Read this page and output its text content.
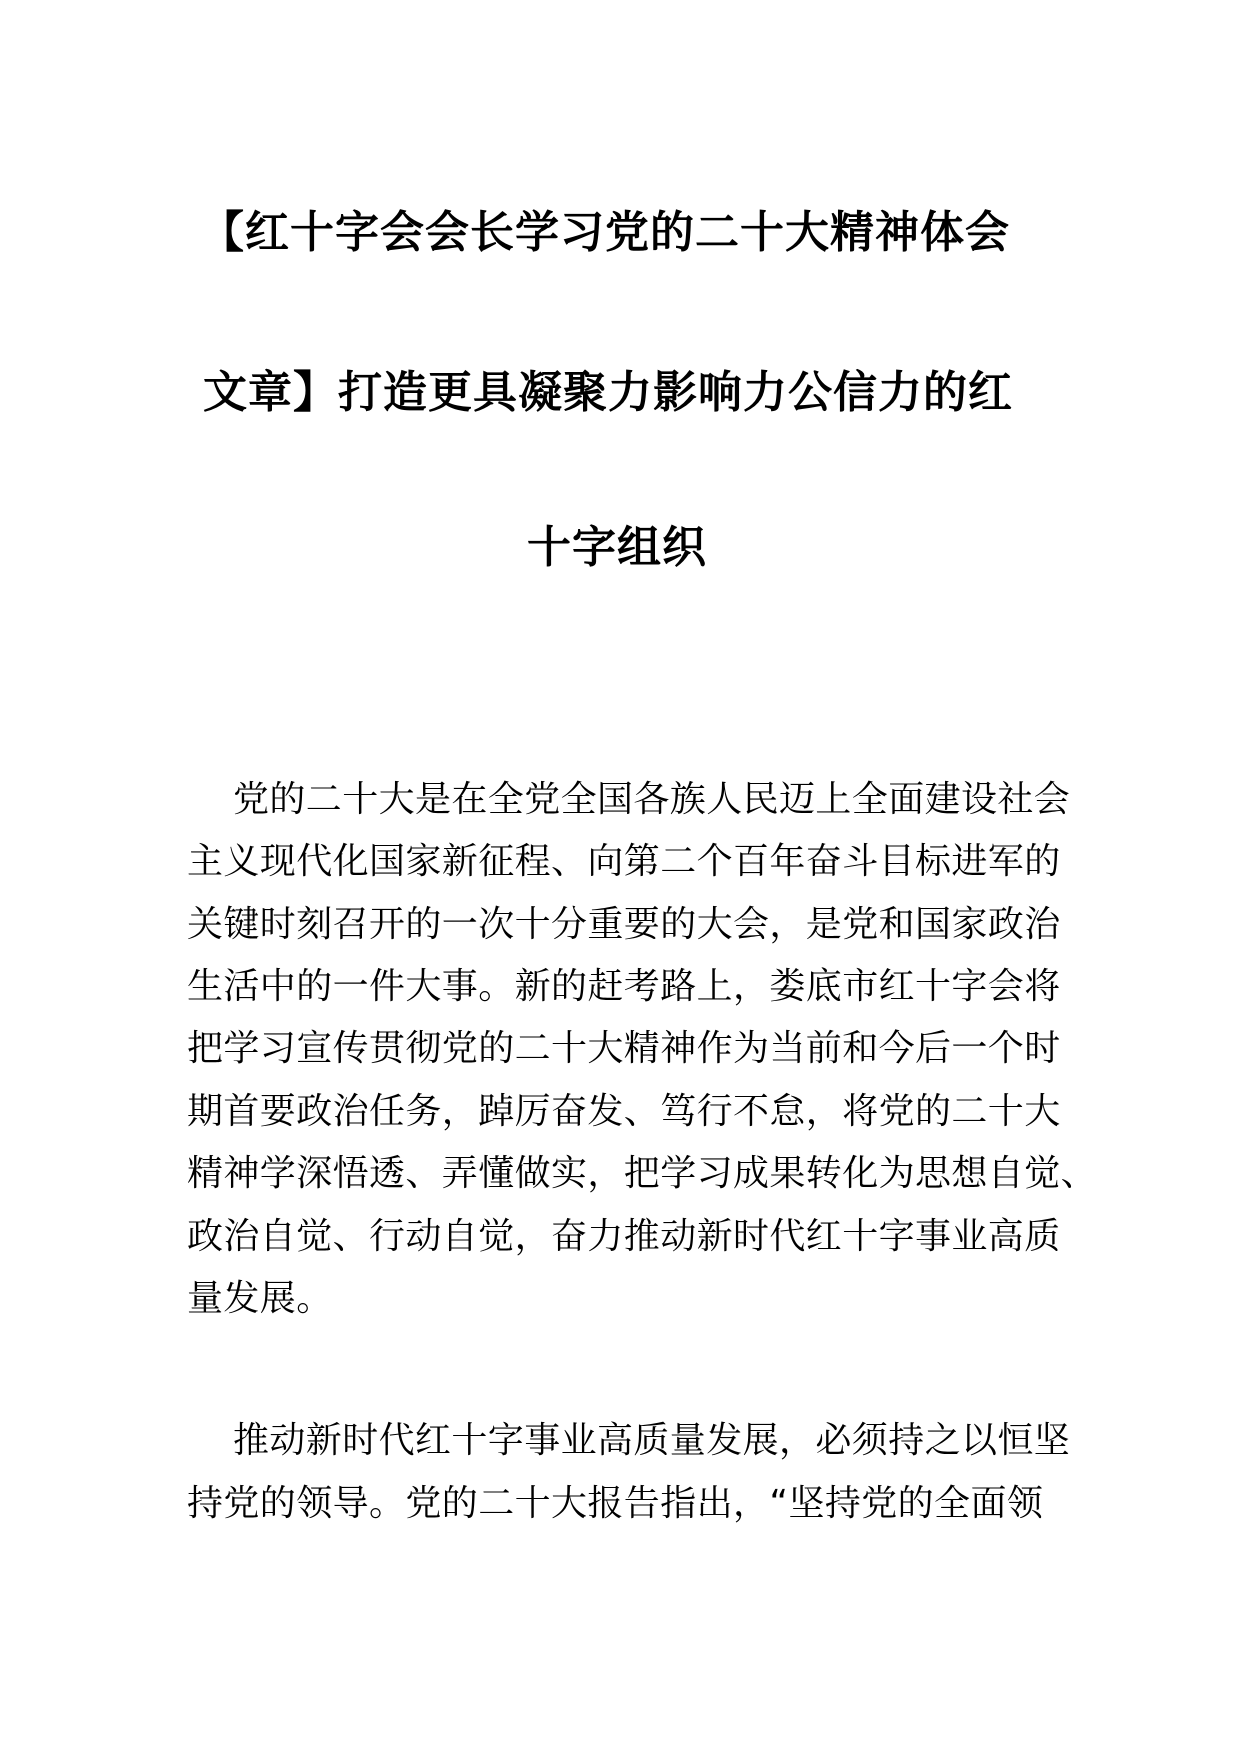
【红十字会会长学习党的二十大精神体会
文章】打造更具凝聚力影响力公信力的红
十字组织
党的二十大是在全党全国各族人民迈上全面建设社会
主义现代化国家新征程、向第二个百年奋斗目标进军的
关键时刻召开的一次十分重要的大会，是党和国家政治
生活中的一件大事。新的赶考路上，娄底市红十字会将
把学习宣传贯彻党的二十大精神作为当前和今后一个时
期首要政治任务，踔厉奋发、笃行不怠，将党的二十大
精神学深悟透、弄懂做实，把学习成果转化为思想自觉、
政治自觉、行动自觉，奋力推动新时代红十字事业高质
量发展。
推动新时代红十字事业高质量发展，必须持之以恒坚
持党的领导。党的二十大报告指出，“坚持党的全面领
